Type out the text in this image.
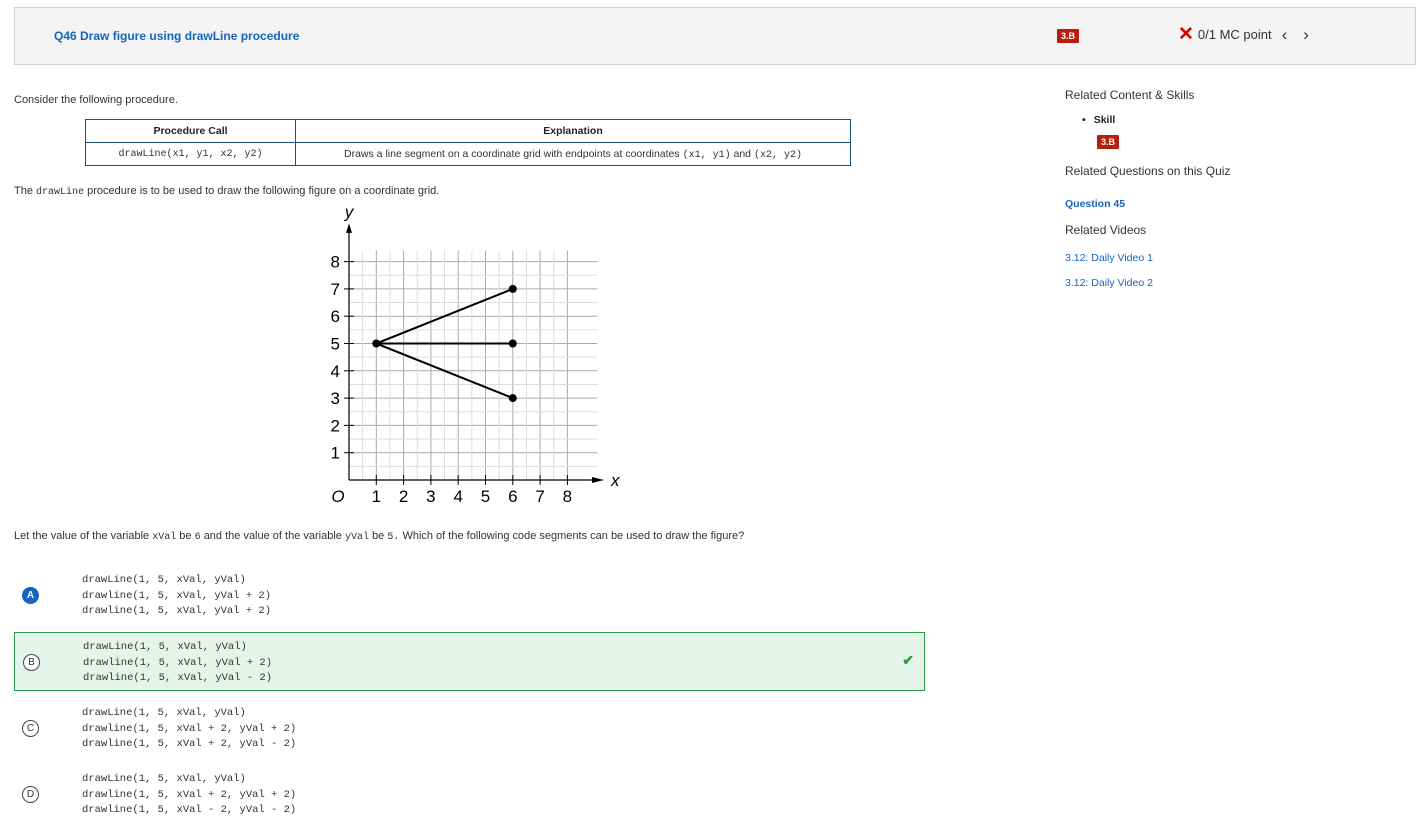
Q46 Draw figure using drawLine procedure	3.B	✕ 0/1 MC point ‹ ›
Consider the following procedure.
Procedure Call	Explanation
drawLine(x1, y1, x2, y2)	Draws a line segment on a coordinate grid with endpoints at coordinates (x1, y1) and (x2, y2)
The drawLine procedure is to be used to draw the following figure on a coordinate grid.
1 2 3 4 5 6 7 8
1
2
3
4
5
6
7
8
O
y
x
Let the value of the variable xVal be 6 and the value of the variable yVal be 5. Which of the following code segments can be used to draw the figure?
A
drawLine(1, 5, xVal, yVal)
drawline(1, 5, xVal, yVal + 2)
drawline(1, 5, xVal, yVal + 2)
B
drawLine(1, 5, xVal, yVal)
drawline(1, 5, xVal, yVal + 2)
drawline(1, 5, xVal, yVal - 2)
✔
C
drawLine(1, 5, xVal, yVal)
drawline(1, 5, xVal + 2, yVal + 2)
drawline(1, 5, xVal + 2, yVal - 2)
D
drawLine(1, 5, xVal, yVal)
drawline(1, 5, xVal + 2, yVal + 2)
drawline(1, 5, xVal - 2, yVal - 2)
Related Content & Skills
• Skill
3.B
Related Questions on this Quiz
Question 45
Related Videos
3.12: Daily Video 1
3.12: Daily Video 2
